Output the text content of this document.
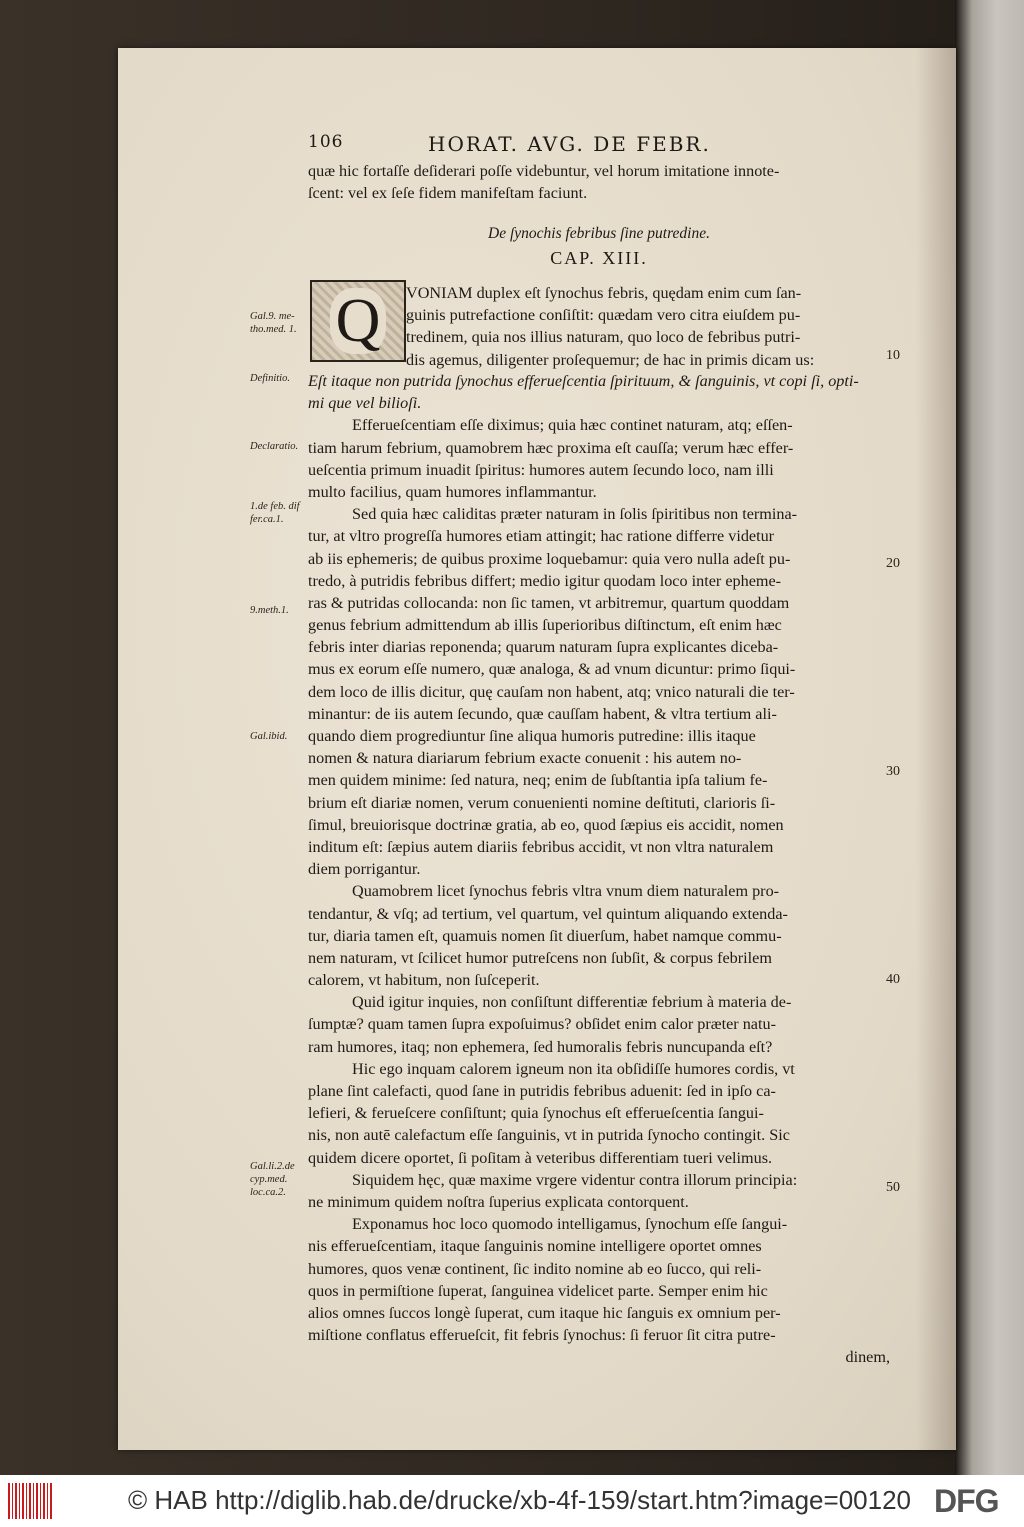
106	HORAT. AVG. DE FEBR.
quæ hic fortaſſe deſiderari poſſe videbuntur, vel horum imitatione innote-
ſcent: vel ex ſeſe fidem manifeſtam faciunt.
De ſynochis febribus ſine putredine.
CAP. XIII.
Q	VONIAM duplex eſt ſynochus febris, quędam enim cum ſan-
guinis putrefactione conſiſtit: quædam vero citra eiuſdem pu-
tredinem, quia nos illius naturam, quo loco de febribus putri-
dis agemus, diligenter proſequemur; de hac in primis dicam us:
Eſt itaque non putrida ſynochus efferueſcentia ſpirituum, & ſanguinis, vt copi ſi, opti-
mi que vel bilioſi.
Efferueſcentiam eſſe diximus; quia hæc continet naturam, atq; eſſen-
tiam harum febrium, quamobrem hæc proxima eſt cauſſa; verum hæc effer-
ueſcentia primum inuadit ſpiritus: humores autem ſecundo loco, nam illi
multo facilius, quam humores inflammantur.
Sed quia hæc caliditas præter naturam in ſolis ſpiritibus non termina-
tur, at vltro progreſſa humores etiam attingit; hac ratione differre videtur
ab iis ephemeris; de quibus proxime loquebamur: quia vero nulla adeſt pu-
tredo, à putridis febribus differt; medio igitur quodam loco inter epheme-
ras & putridas collocanda: non ſic tamen, vt arbitremur, quartum quoddam
genus febrium admittendum ab illis ſuperioribus diſtinctum, eſt enim hæc
febris inter diarias reponenda; quarum naturam ſupra explicantes diceba-
mus ex eorum eſſe numero, quæ analoga, & ad vnum dicuntur: primo ſiqui-
dem loco de illis dicitur, quę cauſam non habent, atq; vnico naturali die ter-
minantur: de iis autem ſecundo, quæ cauſſam habent, & vltra tertium ali-
quando diem progrediuntur ſine aliqua humoris putredine: illis itaque
nomen & natura diariarum febrium exacte conuenit : his autem no-
men quidem minime: ſed natura, neq; enim de ſubſtantia ipſa talium fe-
brium eſt diariæ nomen, verum conuenienti nomine deſtituti, clarioris ſi-
ſimul, breuiorisque doctrinæ gratia, ab eo, quod ſæpius eis accidit, nomen
inditum eſt: ſæpius autem diariis febribus accidit, vt non vltra naturalem
diem porrigantur.
Quamobrem licet ſynochus febris vltra vnum diem naturalem pro-
tendantur, & vſq; ad tertium, vel quartum, vel quintum aliquando extenda-
tur, diaria tamen eſt, quamuis nomen ſit diuerſum, habet namque commu-
nem naturam, vt ſcilicet humor putreſcens non ſubſit, & corpus febrilem
calorem, vt habitum, non ſuſceperit.
Quid igitur inquies, non conſiſtunt differentiæ febrium à materia de-
ſumptæ? quam tamen ſupra expoſuimus? obſidet enim calor præter natu-
ram humores, itaq; non ephemera, ſed humoralis febris nuncupanda eſt?
Hic ego inquam calorem igneum non ita obſidiſſe humores cordis, vt
plane ſint calefacti, quod ſane in putridis febribus aduenit: ſed in ipſo ca-
lefieri, & ferueſcere conſiſtunt; quia ſynochus eſt efferueſcentia ſangui-
nis, non autē calefactum eſſe ſanguinis, vt in putrida ſynocho contingit. Sic
quidem dicere oportet, ſi poſitam à veteribus differentiam tueri velimus.
Siquidem hęc, quæ maxime vrgere videntur contra illorum principia:
ne minimum quidem noſtra ſuperius explicata contorquent.
Exponamus hoc loco quomodo intelligamus, ſynochum eſſe ſangui-
nis efferueſcentiam, itaque ſanguinis nomine intelligere oportet omnes
humores, quos venæ continent, ſic indito nomine ab eo ſucco, qui reli-
quos in permiſtione ſuperat, ſanguinea videlicet parte. Semper enim hic
alios omnes ſuccos longè ſuperat, cum itaque hic ſanguis ex omnium per-
miſtione conflatus efferueſcit, fit febris ſynochus: ſi feruor ſit citra putre-
dinem,
Gal.9. me- tho.med. 1.
Definitio.
Declaratio.
1.de feb. dif fer.ca.1.
9.meth.1.
Gal.ibid.
Gal.li.2.de cyp.med. loc.ca.2.
10
20
30
40
50
© HAB http://diglib.hab.de/drucke/xb-4f-159/start.htm?image=00120 DFG
